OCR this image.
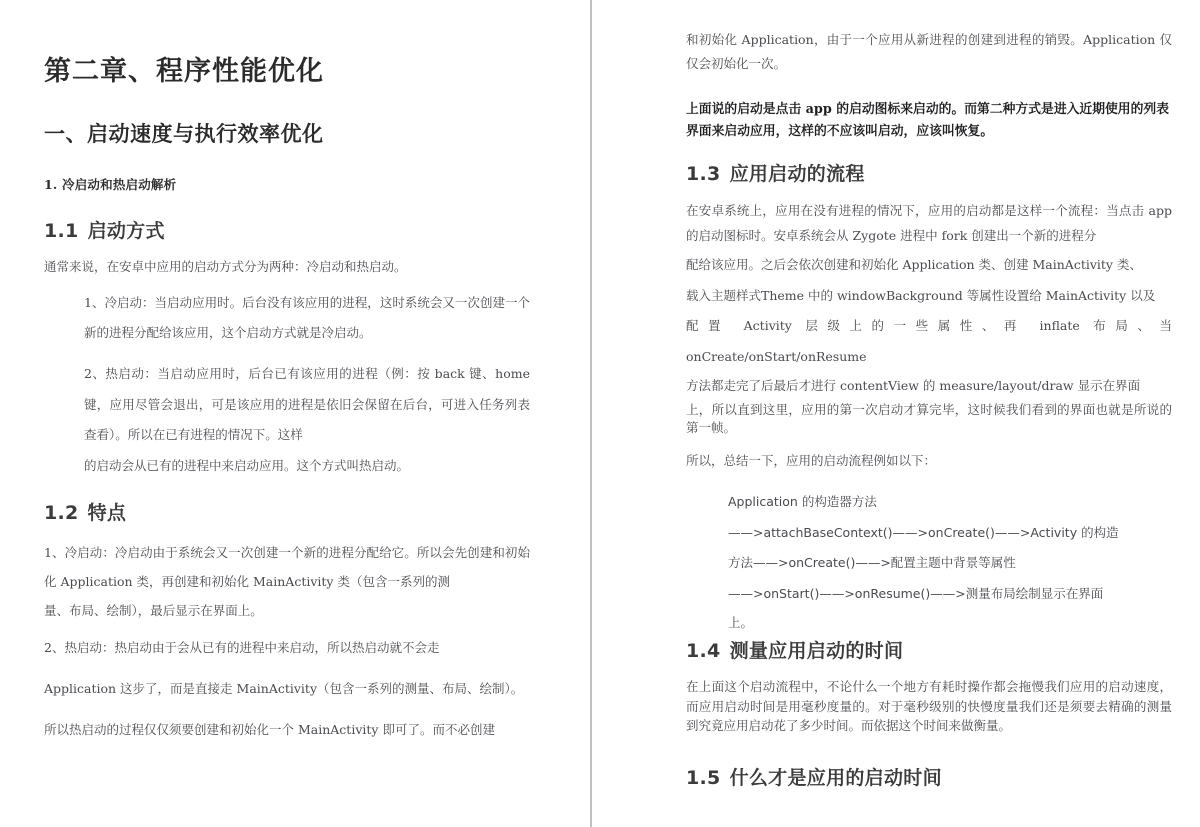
第二章、程序性能优化
一、启动速度与执行效率优化
1. 冷启动和热启动解析
1.1 启动方式

通常来说，在安卓中应用的启动方式分为两种：冷启动和热启动。

1、冷启动：当启动应用时。后台没有该应用的进程，这时系统会又一次创建一个新的进程分配给该应用，这个启动方式就是冷启动。

2、热启动：当启动应用时，后台已有该应用的进程（例：按 back 键、home 键，应用尽管会退出，可是该应用的进程是依旧会保留在后台，可进入任务列表查看）。所以在已有进程的情况下。这样

的启动会从已有的进程中来启动应用。这个方式叫热启动。

1.2 特点

1、冷启动：冷启动由于系统会又一次创建一个新的进程分配给它。所以会先创建和初始化 Application 类，再创建和初始化 MainActivity 类（包含一系列的测

量、布局、绘制），最后显示在界面上。

2、热启动：热启动由于会从已有的进程中来启动，所以热启动就不会走

Application 这步了，而是直接走 MainActivity（包含一系列的测量、布局、绘制）。

所以热启动的过程仅仅须要创建和初始化一个 MainActivity 即可了。而不必创建

和初始化 Application，由于一个应用从新进程的创建到进程的销毁。Application 仅仅会初始化一次。

上面说的启动是点击 app 的启动图标来启动的。而第二种方式是进入近期使用的列表界面来启动应用，这样的不应该叫启动，应该叫恢复。

1.3 应用启动的流程

在安卓系统上，应用在没有进程的情况下，应用的启动都是这样一个流程：当点击 app 的启动图标时。安卓系统会从 Zygote 进程中 fork 创建出一个新的进程分

配给该应用。之后会依次创建和初始化 Application 类、创建 MainActivity 类、

载入主题样式Theme 中的 windowBackground 等属性设置给 MainActivity 以及

配置 Activity 层级上的一些属性、再 inflate 布局、当 onCreate/onStart/onResume

方法都走完了后最后才进行 contentView 的 measure/layout/draw 显示在界面

上，所以直到这里，应用的第一次启动才算完毕，这时候我们看到的界面也就是所说的第一帧。

所以，总结一下，应用的启动流程例如以下：

Application 的构造器方法
——>attachBaseContext()——>onCreate()——>Activity 的构造
方法——>onCreate()——>配置主题中背景等属性
——>onStart()——>onResume()——>测量布局绘制显示在界面
上。
1.4 测量应用启动的时间

在上面这个启动流程中，不论什么一个地方有耗时操作都会拖慢我们应用的启动速度，而应用启动时间是用毫秒度量的。对于毫秒级别的快慢度量我们还是须要去精确的测量到究竟应用启动花了多少时间。而依据这个时间来做衡量。

1.5 什么才是应用的启动时间
